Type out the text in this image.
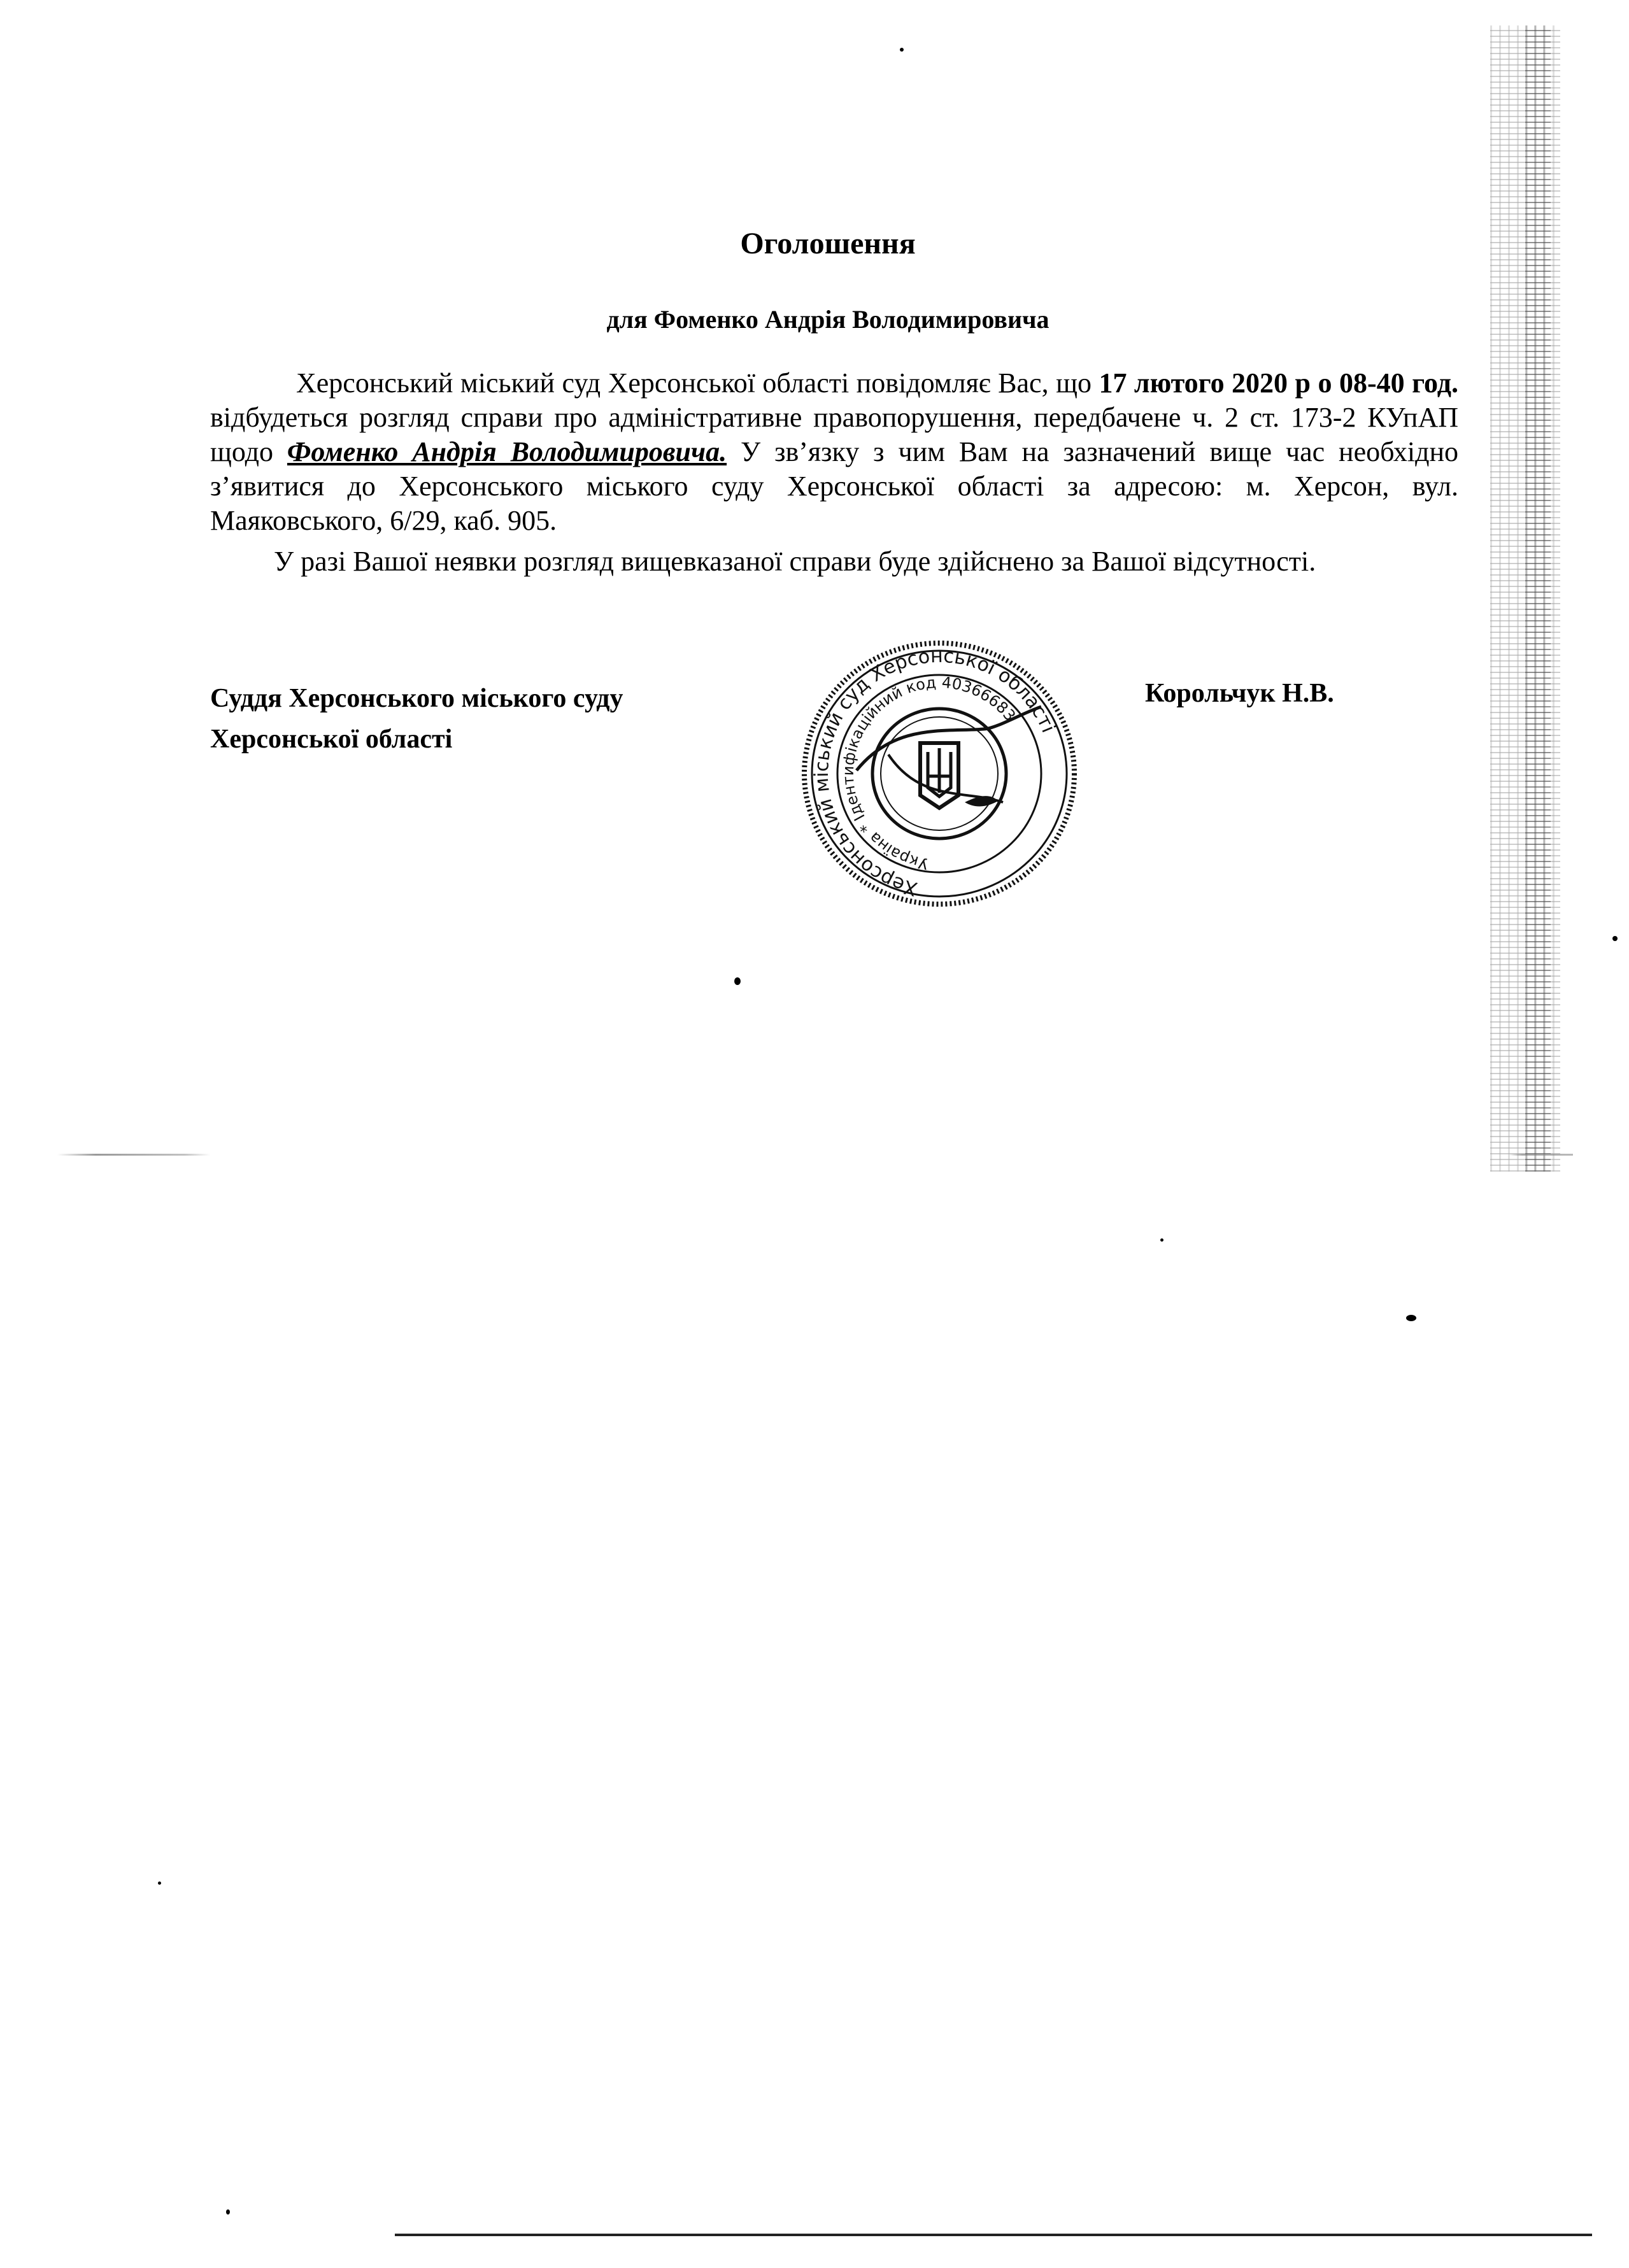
Оголошення
для Фоменко Андрія Володимировича

Херсонський міський суд Херсонської області повідомляє Вас, що 17 лютого 2020 р о 08-40 год. відбудеться розгляд справи про адміністративне правопорушення, передбачене ч. 2 ст. 173-2 КУпАП щодо Фоменко Андрія Володимировича. У зв’язку з чим Вам на зазначений вище час необхідно з’явитися до Херсонського міського суду Херсонської області за адресою: м. Херсон, вул. Маяковського, 6/29, каб. 905.

У разі Вашої неявки розгляд вищевказаної справи буде здійснено за Вашої відсутності.

Суддя Херсонського міського суду
Херсонської області
Корольчук Н.В.
Херсонський міський суд Херсонської області
Україна * Ідентифікаційний код 40366683
